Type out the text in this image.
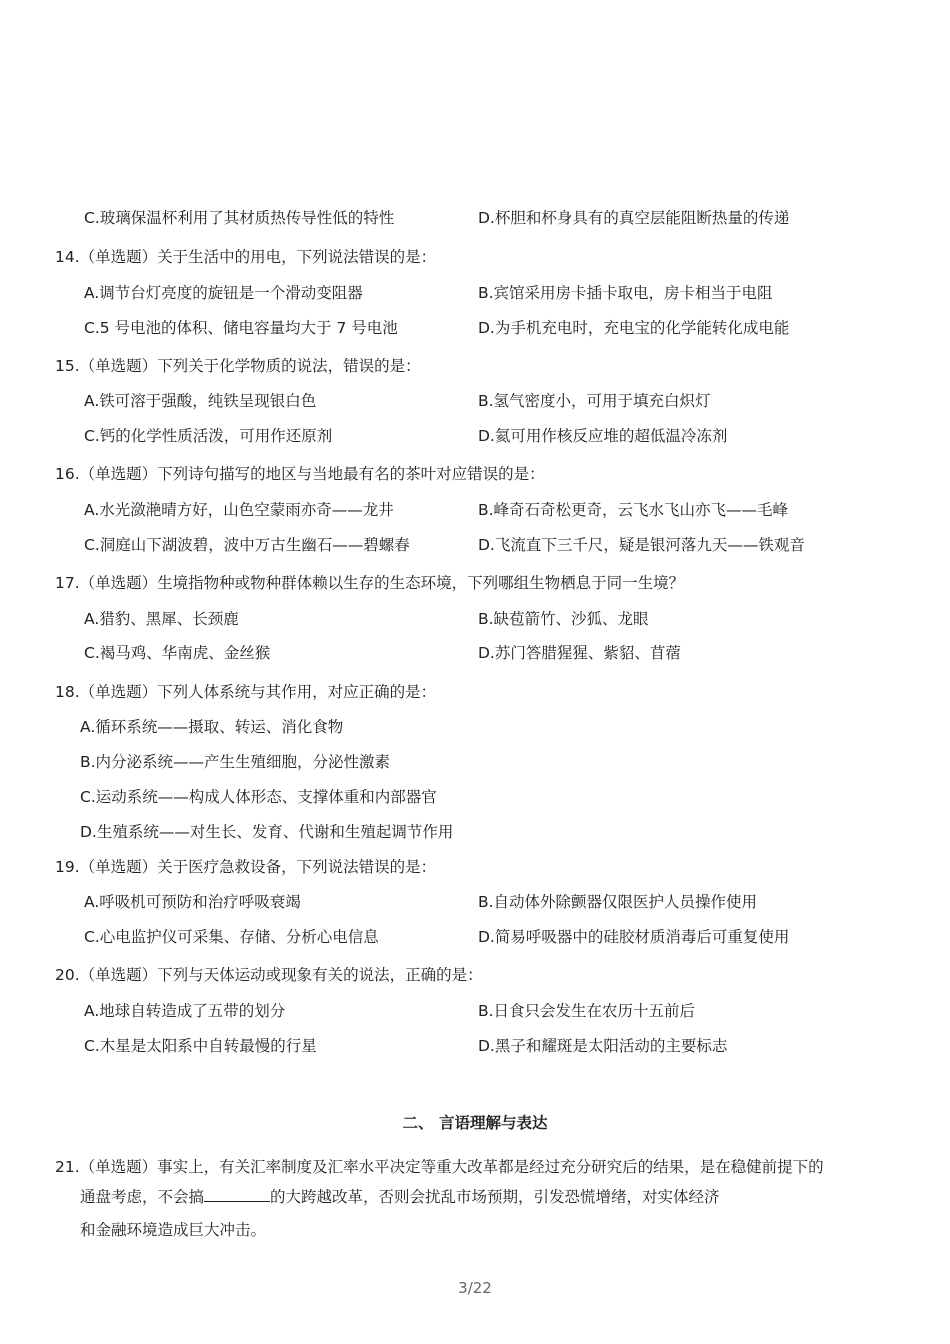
C.玻璃保温杯利用了其材质热传导性低的特性	D.杯胆和杯身具有的真空层能阻断热量的传递
14.（单选题）关于生活中的用电，下列说法错误的是：
A.调节台灯亮度的旋钮是一个滑动变阻器	B.宾馆采用房卡插卡取电，房卡相当于电阻
C.5 号电池的体积、储电容量均大于 7 号电池	D.为手机充电时，充电宝的化学能转化成电能
15.（单选题）下列关于化学物质的说法，错误的是：
A.铁可溶于强酸，纯铁呈现银白色	B.氢气密度小，可用于填充白炽灯
C.钙的化学性质活泼，可用作还原剂	D.氦可用作核反应堆的超低温冷冻剂
16.（单选题）下列诗句描写的地区与当地最有名的茶叶对应错误的是：
A.水光潋滟晴方好，山色空蒙雨亦奇——龙井	B.峰奇石奇松更奇，云飞水飞山亦飞——毛峰
C.洞庭山下湖波碧，波中万古生幽石——碧螺春	D.飞流直下三千尺，疑是银河落九天——铁观音
17.（单选题）生境指物种或物种群体赖以生存的生态环境，下列哪组生物栖息于同一生境？
A.猎豹、黑犀、长颈鹿	B.缺苞箭竹、沙狐、龙眼
C.褐马鸡、华南虎、金丝猴	D.苏门答腊猩猩、紫貂、苜蓿
18.（单选题）下列人体系统与其作用，对应正确的是：
A.循环系统——摄取、转运、消化食物
B.内分泌系统——产生生殖细胞，分泌性激素
C.运动系统——构成人体形态、支撑体重和内部器官
D.生殖系统——对生长、发育、代谢和生殖起调节作用
19.（单选题）关于医疗急救设备，下列说法错误的是：
A.呼吸机可预防和治疗呼吸衰竭	B.自动体外除颤器仅限医护人员操作使用
C.心电监护仪可采集、存储、分析心电信息	D.简易呼吸器中的硅胶材质消毒后可重复使用
20.（单选题）下列与天体运动或现象有关的说法，正确的是：
A.地球自转造成了五带的划分	B.日食只会发生在农历十五前后
C.木星是太阳系中自转最慢的行星	D.黑子和耀斑是太阳活动的主要标志
二、 言语理解与表达
21.（单选题）事实上，有关汇率制度及汇率水平决定等重大改革都是经过充分研究后的结果，是在稳健前提下的
通盘考虑，不会搞	的大跨越改革，否则会扰乱市场预期，引发恐慌增绪，对实体经济
和金融环境造成巨大冲击。
3/22
